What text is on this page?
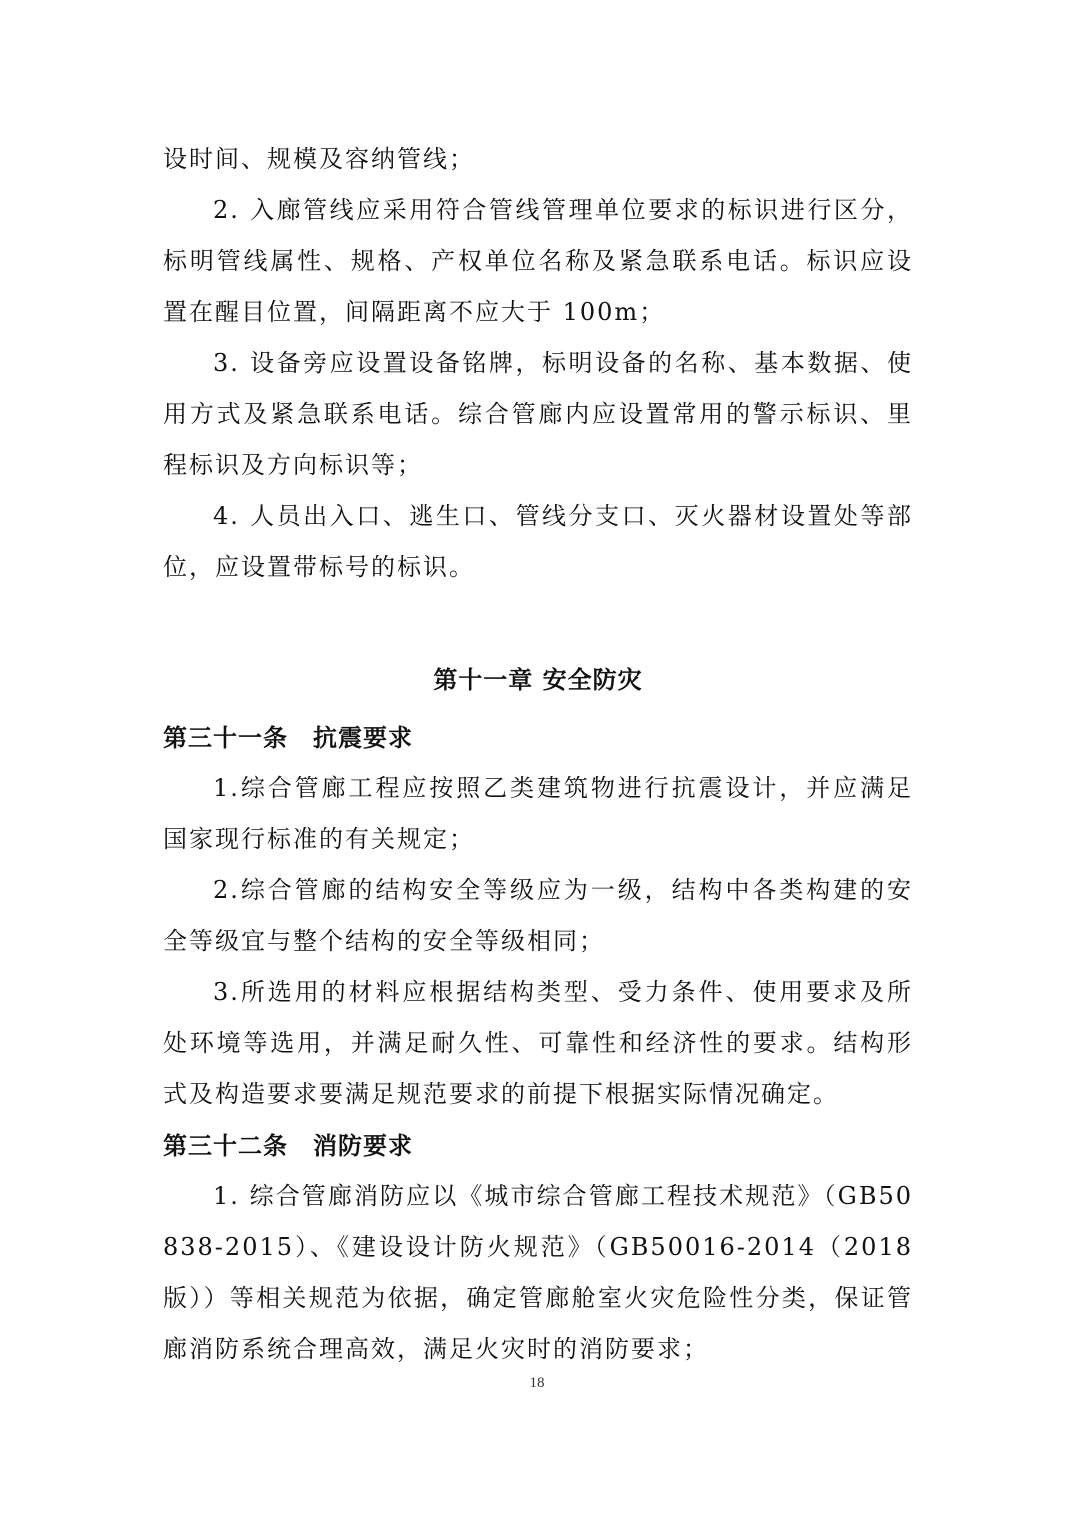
设时间、规模及容纳管线；

2. 入廊管线应采用符合管线管理单位要求的标识进行区分，标明管线属性、规格、产权单位名称及紧急联系电话。标识应设置在醒目位置，间隔距离不应大于 100m；

3. 设备旁应设置设备铭牌，标明设备的名称、基本数据、使用方式及紧急联系电话。综合管廊内应设置常用的警示标识、里程标识及方向标识等；

4. 人员出入口、逃生口、管线分支口、灭火器材设置处等部位，应设置带标号的标识。

第十一章 安全防灾
第三十一条　抗震要求

1.综合管廊工程应按照乙类建筑物进行抗震设计，并应满足国家现行标准的有关规定；

2.综合管廊的结构安全等级应为一级，结构中各类构建的安全等级宜与整个结构的安全等级相同；

3.所选用的材料应根据结构类型、受力条件、使用要求及所处环境等选用，并满足耐久性、可靠性和经济性的要求。结构形式及构造要求要满足规范要求的前提下根据实际情况确定。

第三十二条　消防要求

1. 综合管廊消防应以《城市综合管廊工程技术规范》（GB50838-2015）、《建设设计防火规范》（GB50016-2014（2018版））等相关规范为依据，确定管廊舱室火灾危险性分类，保证管廊消防系统合理高效，满足火灾时的消防要求；

18
